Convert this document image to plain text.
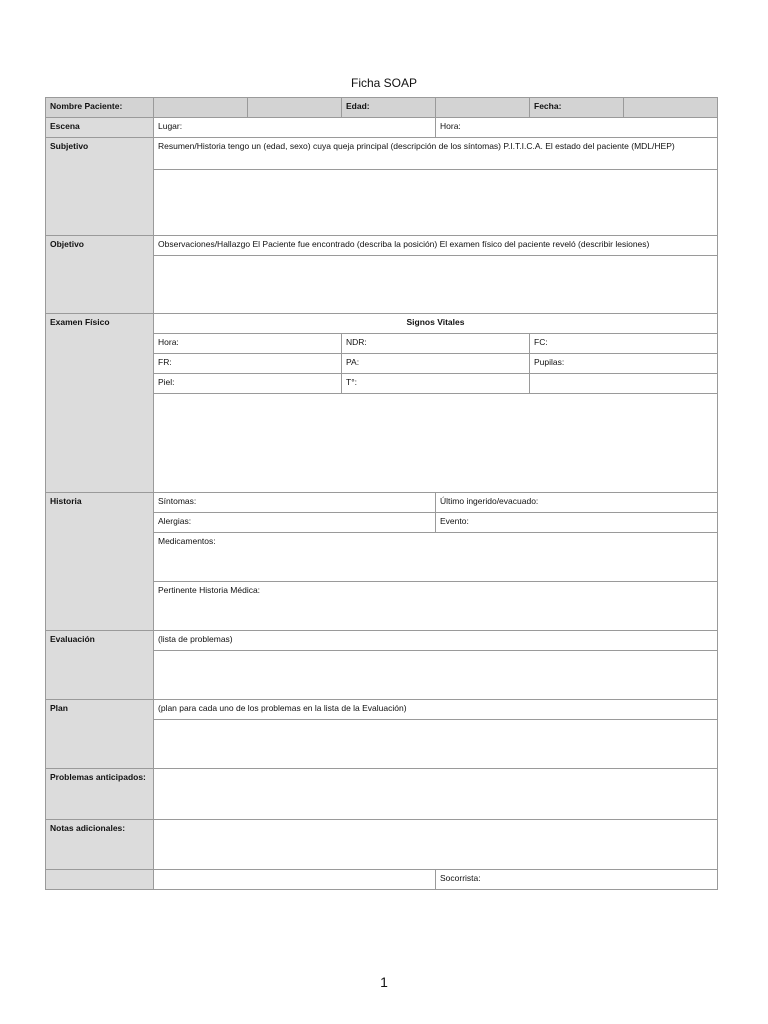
Ficha SOAP
Nombre Paciente:			Edad:		Fecha:	
Escena	Lugar:			Hora:		
Subjetivo	Resumen/Historia tengo un (edad, sexo) cuya queja principal (descripción de los síntomas) P.I.T.I.C.A. El estado del paciente (MDL/HEP)					

Objetivo	Observaciones/Hallazgo El Paciente fue encontrado (describa la posición) El examen físico del paciente reveló (describir lesiones)					

Examen Físico	Signos Vitales					
	Hora:		NDR:		FC:	
	FR:		PA:		Pupilas:	
	Piel:		T°:			

Historia	Síntomas:			Último ingerido/evacuado:		
	Alergias:			Evento:		
	Medicamentos:					
	Pertinente Historia Médica:					
Evaluación	(lista de problemas)					

Plan	(plan para cada uno de los problemas en la lista de la Evaluación)					

Problemas anticipados:						
Notas adicionales:						
				Socorrista:		
1
